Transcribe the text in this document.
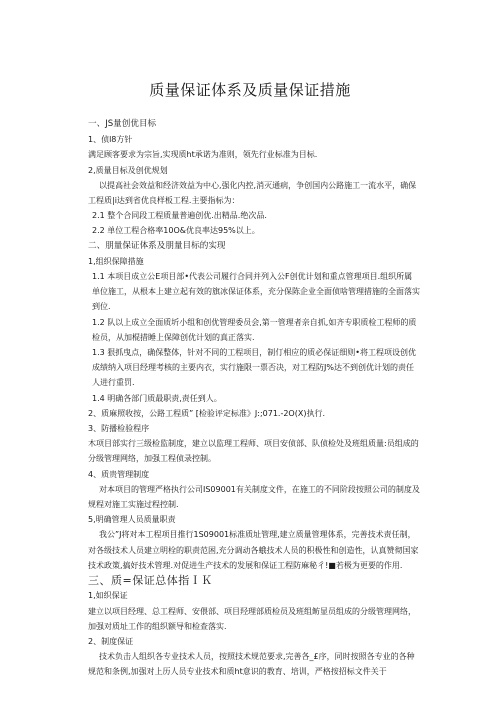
质量保证体系及质量保证措施

一、JS量创优目标

1、侦l8方针

满足顾客要求为宗旨,实现质ht承诺为准则，领先行业标准为目标.

2,质量目标及创优规划

以提高社会效益和经济效益为中心,强化内控,消灭通病，争创国内公路施工一流水平，确保工程质|i达到省优良样板工程.主要指标为：

2.1 整个合同段工程质量普遍创优.出精品.绝次品.

2.2 单位工程合格率10O&优良率达95%以上。

二、朋量保证体系及朋量目标的实现

1,组织保障措施

1.1 本项目成立公E项目部•代表公司履行合同并列入公F创优计划和重点管理项目.组织所属单位施工，从根本上建立起有效的旗冰保证体系，充分保陈企业全面侦啥管理措施的全面落实到位.

1.2 队以上成立全面质圻小组和创优管理委员会,第一管理者亲自抓,如齐专职质检工程师的质检员，从加棍措睡上保障创优计划的真正落实.

1.3 狠抓曳点，确保整体，针对不同的工程项目，制仃相应的质必保证细则•将工程项设创优成绩纳入项目经理考核的主要内衣，实行施限一票否决，对工程防J%达不到创优计划的责任人进行重罚.

1.4 明确各部门质最职责,责任到人。

2、质麻照收按，公路工程质” [检验评定标准》J:;071.-2O(X)执行.

3、防播检验程序

木项目部实行三级检监制度，建立以监理工程师、项目安侦部、队侦检处及班组质量:员组成的分级管理网络，加强工程侦录控制。

4、质贵管理制度

对本项目的管理严格执行公司IS09001有关制度文件，在施工的不同阶段按照公司的制度及规程对施工实施过程控制.

5,明确管理人员质量职责

我公”J将对本工程项目推行1S09001标准质址管理,建立质量管理体系，完善技术责任制，对各级技术人员建立明栓的职责范困,充分调动各蛾技术人员的积极性和创造性，认真赞彻国家技术政策,搞好技术管理.对促进生产技术的发展和保证工程防麻秘彳!■若极为更要的作用.

三、质=保证总体指ＩＫ

1,如织保证

建立以项目经理、总工程师、安偎部、项目羟理部质检员及班组鲂显员组成的分级管理网络，加强对质址工作的组织额导和检查落实.

2、制度保证

技术负击人组织各专业技术人员，按照技术规范要求,完善各_£序，同时按照各专业的各种规范和条例,加强对上历人员专业技术和质ht意识的教育、培训，严格按招标文件关于
